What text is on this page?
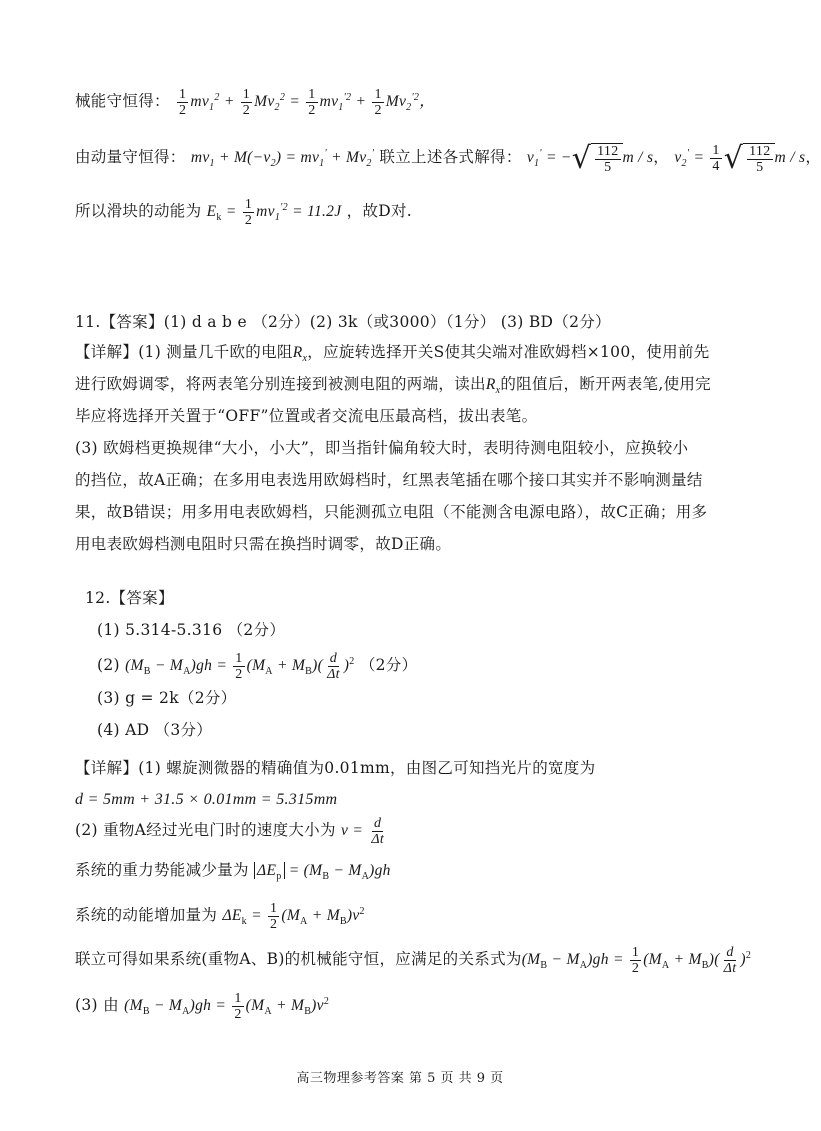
械能守恒得： $\frac{1}{2} mv_1^2 + \frac{1}{2} Mv_2^2 = \frac{1}{2} mv_1^{'2} + \frac{1}{2} Mv_2^{'2}$，
由动量守恒得： $mv_1 + M(-v_2) = mv_1' + Mv_2'$ 联立上述各式解得： $v_1'$ = − √ $\frac{112}{5}$ m / s， $v_2' = \frac{1}{4}$ √ $\frac{112}{5}$ m / s，
所以滑块的动能为 $E_k = \frac{1}{2} mv_1^{'2} = 11.2J$ ，故D对.
11.【答案】(1) d a b e （2分）(2) 3k（或3000）（1分） (3) BD（2分）
【详解】(1) 测量几千欧的电阻$R_x$，应旋转选择开关S使其尖端对准欧姆档×100，使用前先
进行欧姆调零，将两表笔分别连接到被测电阻的两端，读出$R_x$的阻值后，断开两表笔,使用完
毕应将选择开关置于“OFF”位置或者交流电压最高档，拔出表笔。
(3) 欧姆档更换规律“大小，小大”，即当指针偏角较大时，表明待测电阻较小，应换较小
的挡位，故A正确；在多用电表选用欧姆档时，红黑表笔插在哪个接口其实并不影响测量结
果，故B错误；用多用电表欧姆档，只能测孤立电阻（不能测含电源电路），故C正确；用多
用电表欧姆档测电阻时只需在换挡时调零，故D正确。
12.【答案】
(1) 5.314-5.316 （2分）
(2) $(M_B - M_A)gh = \frac{1}{2} (M_A + M_B)( \frac{d}{\Delta t} )^2$ （2分）
(3) g = 2k（2分）
(4) AD （3分）
【详解】(1) 螺旋测微器的精确值为0.01mm，由图乙可知挡光片的宽度为
d = 5mm + 31.5 × 0.01mm = 5.315mm
(2) 重物A经过光电门时的速度大小为 $v = \frac{d}{\Delta t}$
系统的重力势能减少量为 $\Delta E_p = (M_B - M_A)gh$
系统的动能增加量为 $\Delta E_k = \frac{1}{2} (M_A + M_B)v^2$
联立可得如果系统(重物A、B)的机械能守恒，应满足的关系式为$(M_B - M_A)gh = \frac{1}{2} (M_A + M_B)( \frac{d}{\Delta t} )^2$
(3) 由 $(M_B - M_A)gh = \frac{1}{2} (M_A + M_B)v^2$
高三物理参考答案 第 5 页 共 9 页
